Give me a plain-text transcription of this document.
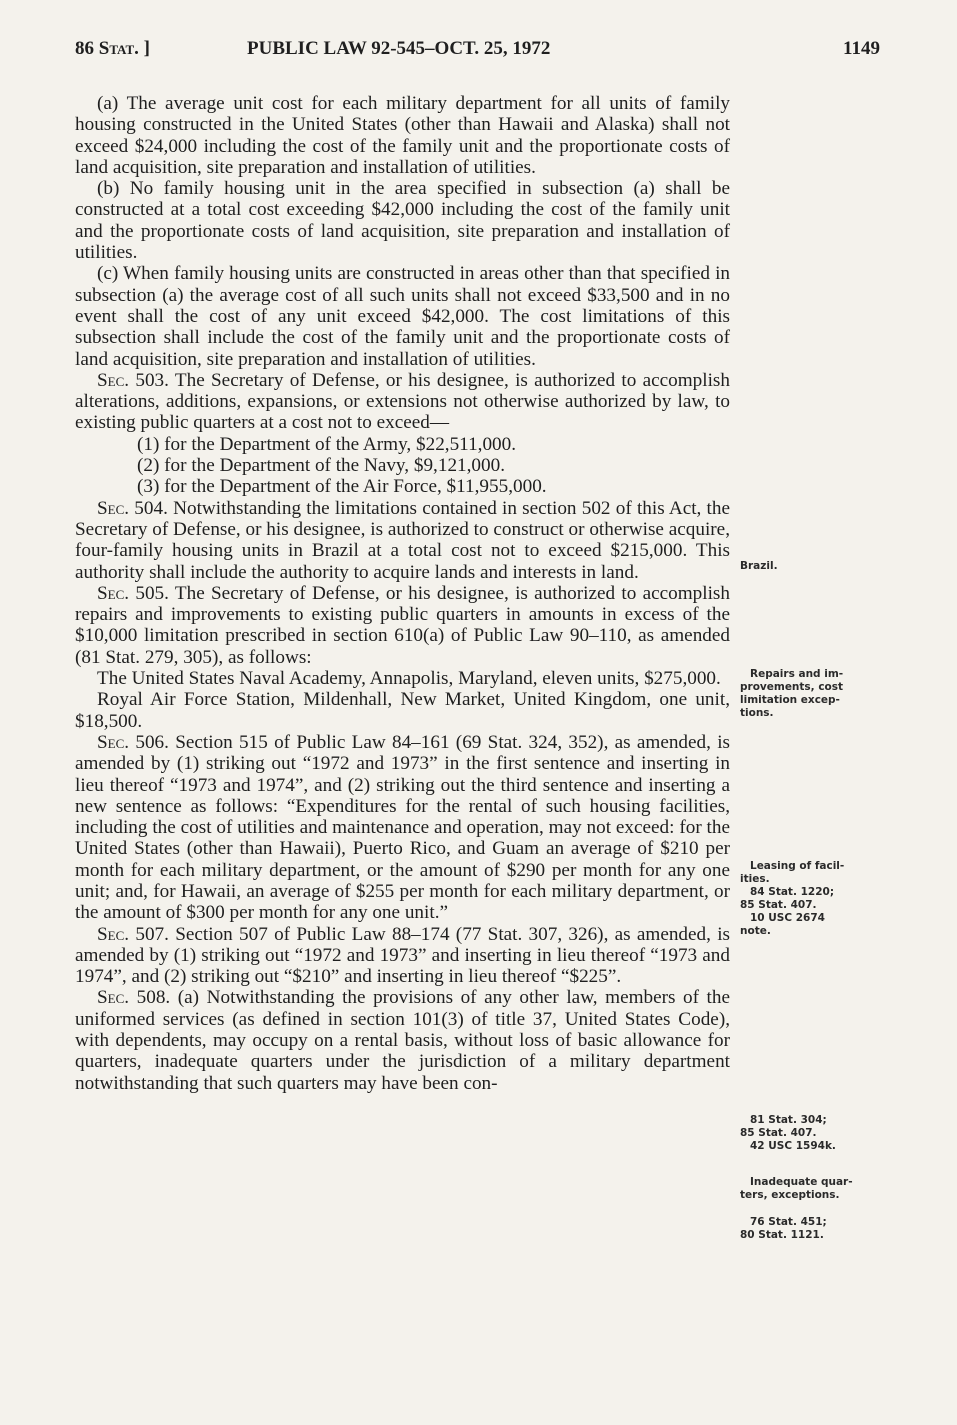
86 Stat. ]	PUBLIC LAW 92-545–OCT. 25, 1972	1149

(a) The average unit cost for each military department for all units of family housing constructed in the United States (other than Hawaii and Alaska) shall not exceed $24,000 including the cost of the family unit and the proportionate costs of land acquisition, site preparation and installation of utilities.

(b) No family housing unit in the area specified in subsection (a) shall be constructed at a total cost exceeding $42,000 including the cost of the family unit and the proportionate costs of land acquisition, site preparation and installation of utilities.

(c) When family housing units are constructed in areas other than that specified in subsection (a) the average cost of all such units shall not exceed $33,500 and in no event shall the cost of any unit exceed $42,000. The cost limitations of this subsection shall include the cost of the family unit and the proportionate costs of land acquisition, site preparation and installation of utilities.

Sec. 503. The Secretary of Defense, or his designee, is authorized to accomplish alterations, additions, expansions, or extensions not otherwise authorized by law, to existing public quarters at a cost not to exceed—

(1) for the Department of the Army, $22,511,000.

(2) for the Department of the Navy, $9,121,000.

(3) for the Department of the Air Force, $11,955,000.

Sec. 504. Notwithstanding the limitations contained in section 502 of this Act, the Secretary of Defense, or his designee, is authorized to construct or otherwise acquire, four-family housing units in Brazil at a total cost not to exceed $215,000. This authority shall include the authority to acquire lands and interests in land.

Sec. 505. The Secretary of Defense, or his designee, is authorized to accomplish repairs and improvements to existing public quarters in amounts in excess of the $10,000 limitation prescribed in section 610(a) of Public Law 90–110, as amended (81 Stat. 279, 305), as follows:

The United States Naval Academy, Annapolis, Maryland, eleven units, $275,000.

Royal Air Force Station, Mildenhall, New Market, United Kingdom, one unit, $18,500.

Sec. 506. Section 515 of Public Law 84–161 (69 Stat. 324, 352), as amended, is amended by (1) striking out “1972 and 1973” in the first sentence and inserting in lieu thereof “1973 and 1974”, and (2) striking out the third sentence and inserting a new sentence as follows: “Expenditures for the rental of such housing facilities, including the cost of utilities and maintenance and operation, may not exceed: for the United States (other than Hawaii), Puerto Rico, and Guam an average of $210 per month for each military department, or the amount of $290 per month for any one unit; and, for Hawaii, an average of $255 per month for each military department, or the amount of $300 per month for any one unit.”

Sec. 507. Section 507 of Public Law 88–174 (77 Stat. 307, 326), as amended, is amended by (1) striking out “1972 and 1973” and inserting in lieu thereof “1973 and 1974”, and (2) striking out “$210” and inserting in lieu thereof “$225”.

Sec. 508. (a) Notwithstanding the provisions of any other law, members of the uniformed services (as defined in section 101(3) of title 37, United States Code), with dependents, may occupy on a rental basis, without loss of basic allowance for quarters, inadequate quarters under the jurisdiction of a military department notwithstanding that such quarters may have been con-

Brazil.
Repairs and im-
provements, cost
limitation excep-
tions.
Leasing of facil-
ities.
84 Stat. 1220;
85 Stat. 407.
10 USC 2674
note.
81 Stat. 304;
85 Stat. 407.
42 USC 1594k.
Inadequate quar-
ters, exceptions.
76 Stat. 451;
80 Stat. 1121.
